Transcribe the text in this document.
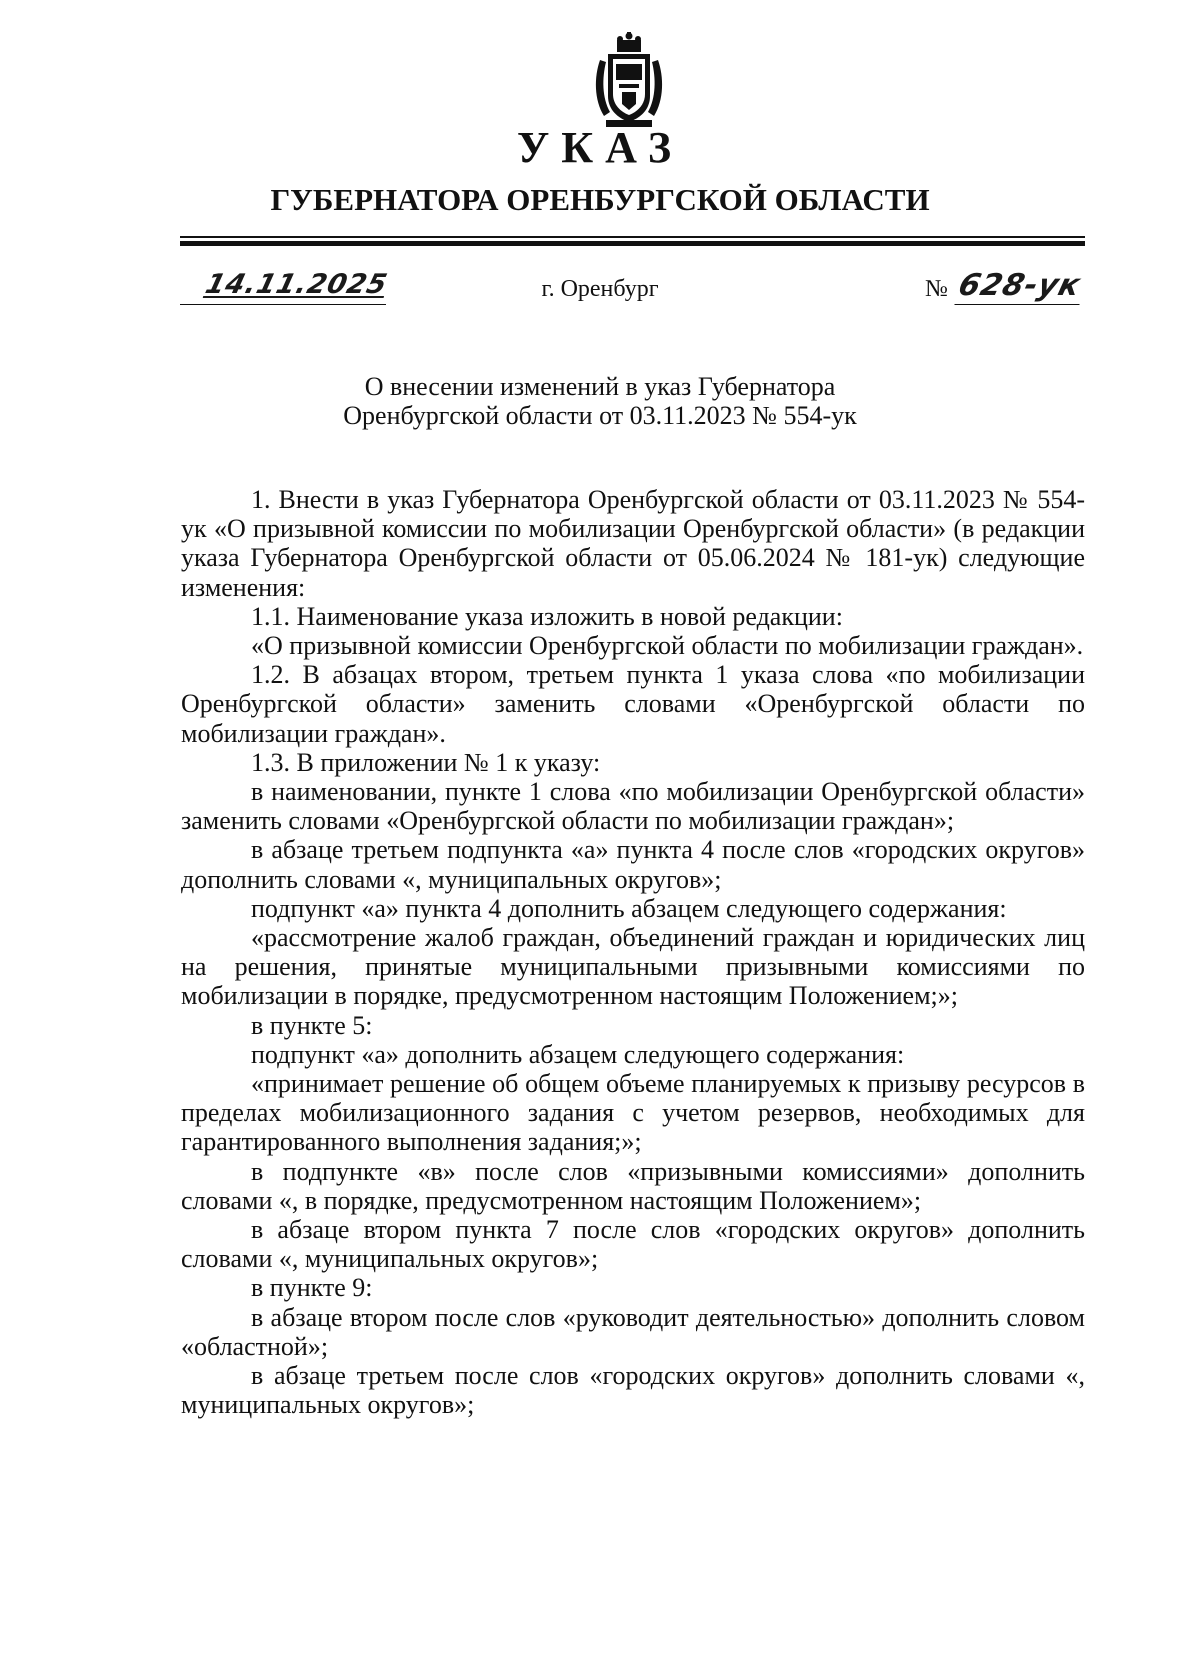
УКАЗ
ГУБЕРНАТОРА ОРЕНБУРГСКОЙ ОБЛАСТИ
14.11.2025	г. Оренбург	№ 628-ук
О внесении изменений в указ Губернатора
Оренбургской области от 03.11.2023 № 554-ук

1. Внести в указ Губернатора Оренбургской области от 03.11.2023 № 554-ук «О призывной комиссии по мобилизации Оренбургской области» (в редакции указа Губернатора Оренбургской области от 05.06.2024 № 181-ук) следующие изменения:

1.1. Наименование указа изложить в новой редакции:

«О призывной комиссии Оренбургской области по мобилизации граждан».

1.2. В абзацах втором, третьем пункта 1 указа слова «по мобилизации Оренбургской области» заменить словами «Оренбургской области по мобилизации граждан».

1.3. В приложении № 1 к указу:

в наименовании, пункте 1 слова «по мобилизации Оренбургской области» заменить словами «Оренбургской области по мобилизации граждан»;

в абзаце третьем подпункта «а» пункта 4 после слов «городских округов» дополнить словами «, муниципальных округов»;

подпункт «а» пункта 4 дополнить абзацем следующего содержания:

«рассмотрение жалоб граждан, объединений граждан и юридических лиц на решения, принятые муниципальными призывными комиссиями по мобилизации в порядке, предусмотренном настоящим Положением;»;

в пункте 5:

подпункт «а» дополнить абзацем следующего содержания:

«принимает решение об общем объеме планируемых к призыву ресурсов в пределах мобилизационного задания с учетом резервов, необходимых для гарантированного выполнения задания;»;

в подпункте «в» после слов «призывными комиссиями» дополнить словами «, в порядке, предусмотренном настоящим Положением»;

в абзаце втором пункта 7 после слов «городских округов» дополнить словами «, муниципальных округов»;

в пункте 9:

в абзаце втором после слов «руководит деятельностью» дополнить словом «областной»;

в абзаце третьем после слов «городских округов» дополнить словами «, муниципальных округов»;
